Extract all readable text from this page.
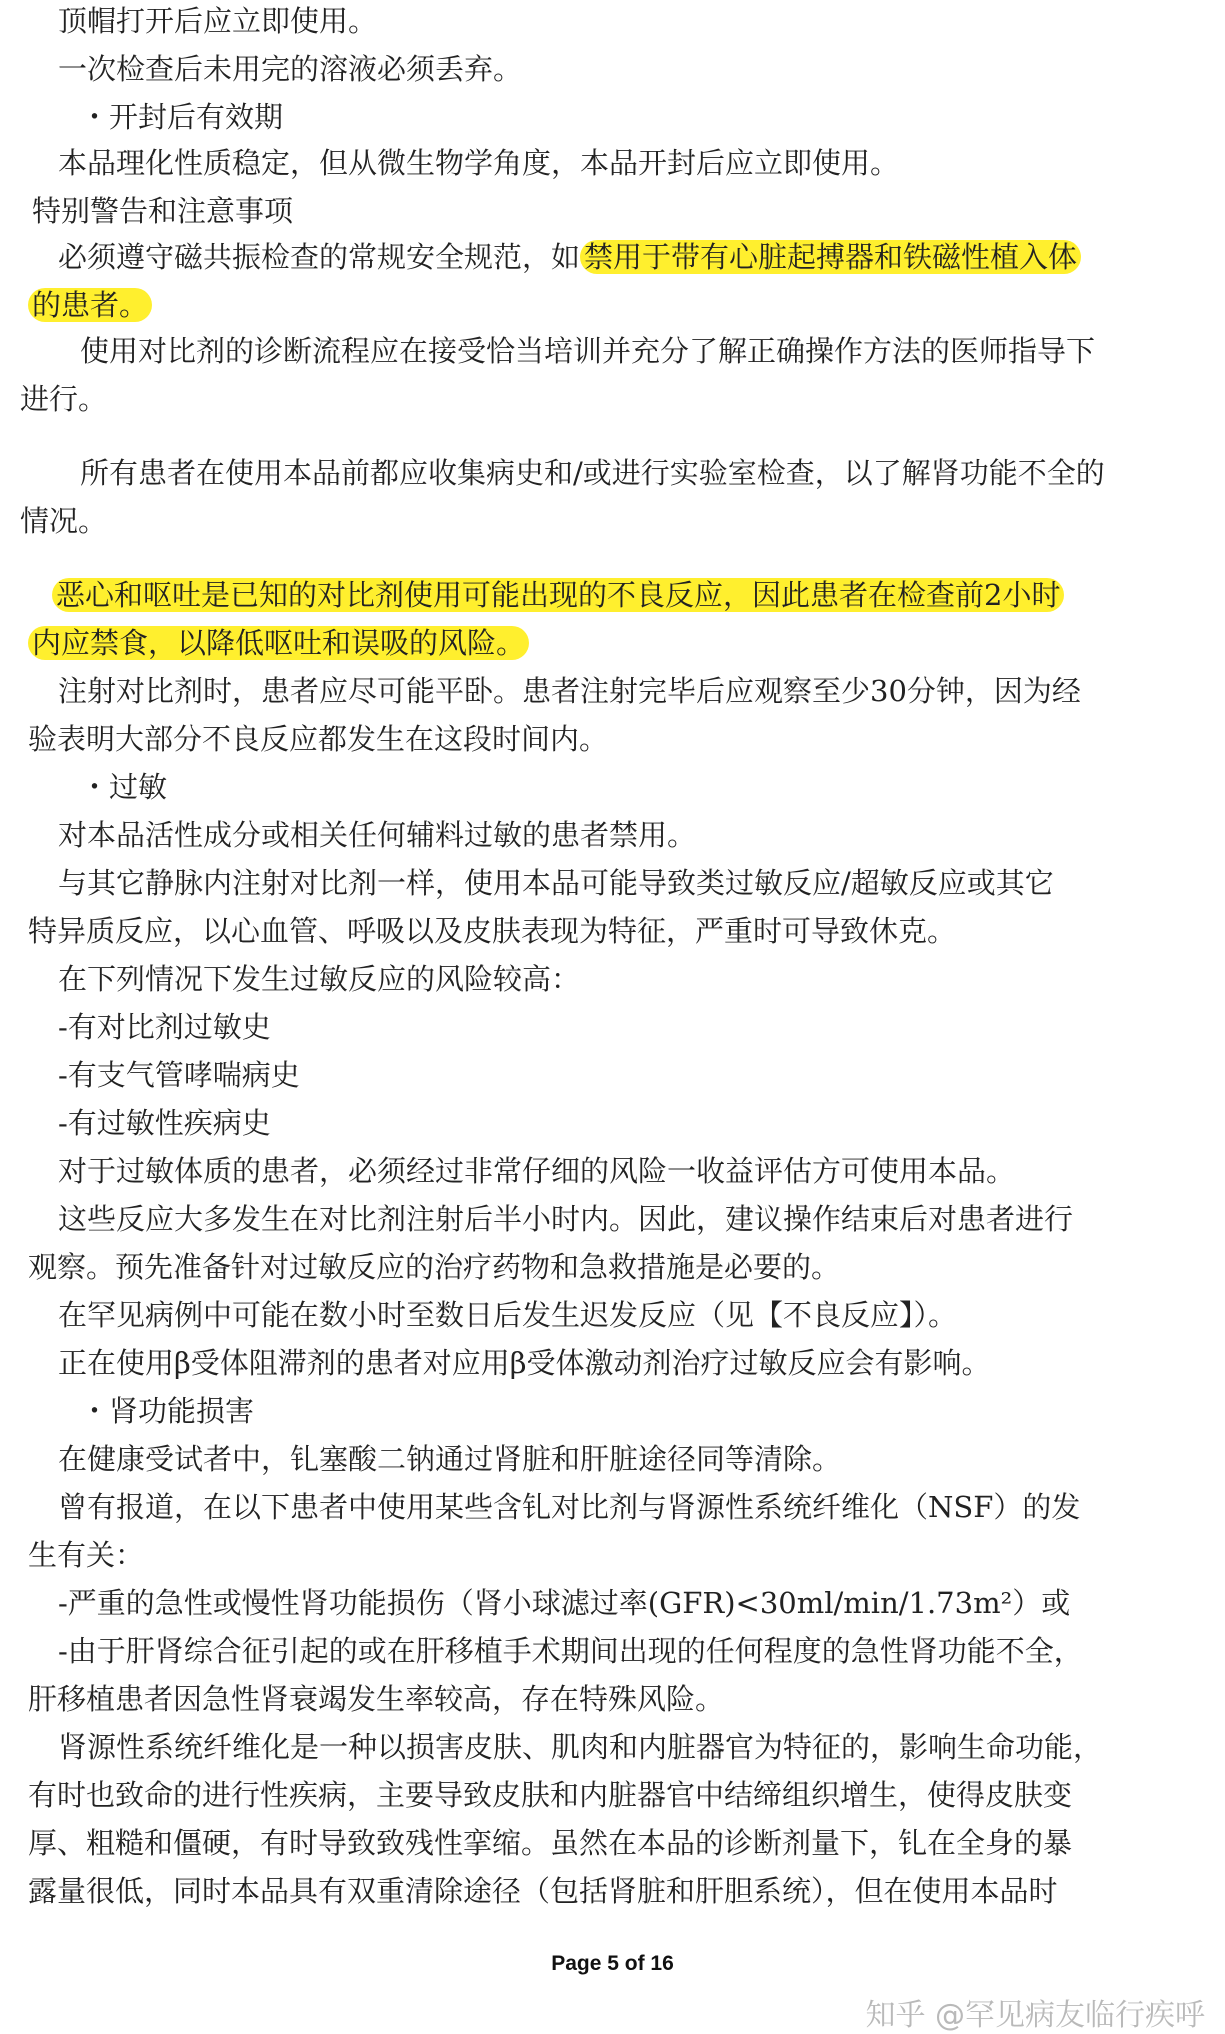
顶帽打开后应立即使用。
一次检查后未用完的溶液必须丢弃。
・开封后有效期
本品理化性质稳定，但从微生物学角度，本品开封后应立即使用。
特别警告和注意事项
必须遵守磁共振检查的常规安全规范，如 禁用于带有心脏起搏器和铁磁性植入体
的患者。
使用对比剂的诊断流程应在接受恰当培训并充分了解正确操作方法的医师指导下
进行。
所有患者在使用本品前都应收集病史和/或进行实验室检查，以了解肾功能不全的
情况。
恶心和呕吐是已知的对比剂使用可能出现的不良反应，因此患者在检查前2小时
内应禁食，以降低呕吐和误吸的风险。
注射对比剂时，患者应尽可能平卧。患者注射完毕后应观察至少30分钟，因为经
验表明大部分不良反应都发生在这段时间内。
・过敏
对本品活性成分或相关任何辅料过敏的患者禁用。
与其它静脉内注射对比剂一样，使用本品可能导致类过敏反应/超敏反应或其它
特异质反应，以心血管、呼吸以及皮肤表现为特征，严重时可导致休克。
在下列情况下发生过敏反应的风险较高：
-有对比剂过敏史
-有支气管哮喘病史
-有过敏性疾病史
对于过敏体质的患者，必须经过非常仔细的风险一收益评估方可使用本品。
这些反应大多发生在对比剂注射后半小时内。因此，建议操作结束后对患者进行
观察。预先准备针对过敏反应的治疗药物和急救措施是必要的。
在罕见病例中可能在数小时至数日后发生迟发反应（见【不良反应】）。
正在使用β受体阻滞剂的患者对应用β受体激动剂治疗过敏反应会有影响。
・肾功能损害
在健康受试者中，钆塞酸二钠通过肾脏和肝脏途径同等清除。
曾有报道，在以下患者中使用某些含钆对比剂与肾源性系统纤维化（NSF）的发
生有关：
-严重的急性或慢性肾功能损伤（肾小球滤过率(GFR)<30ml/min/1.73m²）或
-由于肝肾综合征引起的或在肝移植手术期间出现的任何程度的急性肾功能不全，
肝移植患者因急性肾衰竭发生率较高，存在特殊风险。
肾源性系统纤维化是一种以损害皮肤、肌肉和内脏器官为特征的，影响生命功能，
有时也致命的进行性疾病，主要导致皮肤和内脏器官中结缔组织增生，使得皮肤变
厚、粗糙和僵硬，有时导致致残性挛缩。虽然在本品的诊断剂量下，钆在全身的暴
露量很低，同时本品具有双重清除途径（包括肾脏和肝胆系统），但在使用本品时
Page 5 of 16
知乎 @罕见病友临行疾呼
